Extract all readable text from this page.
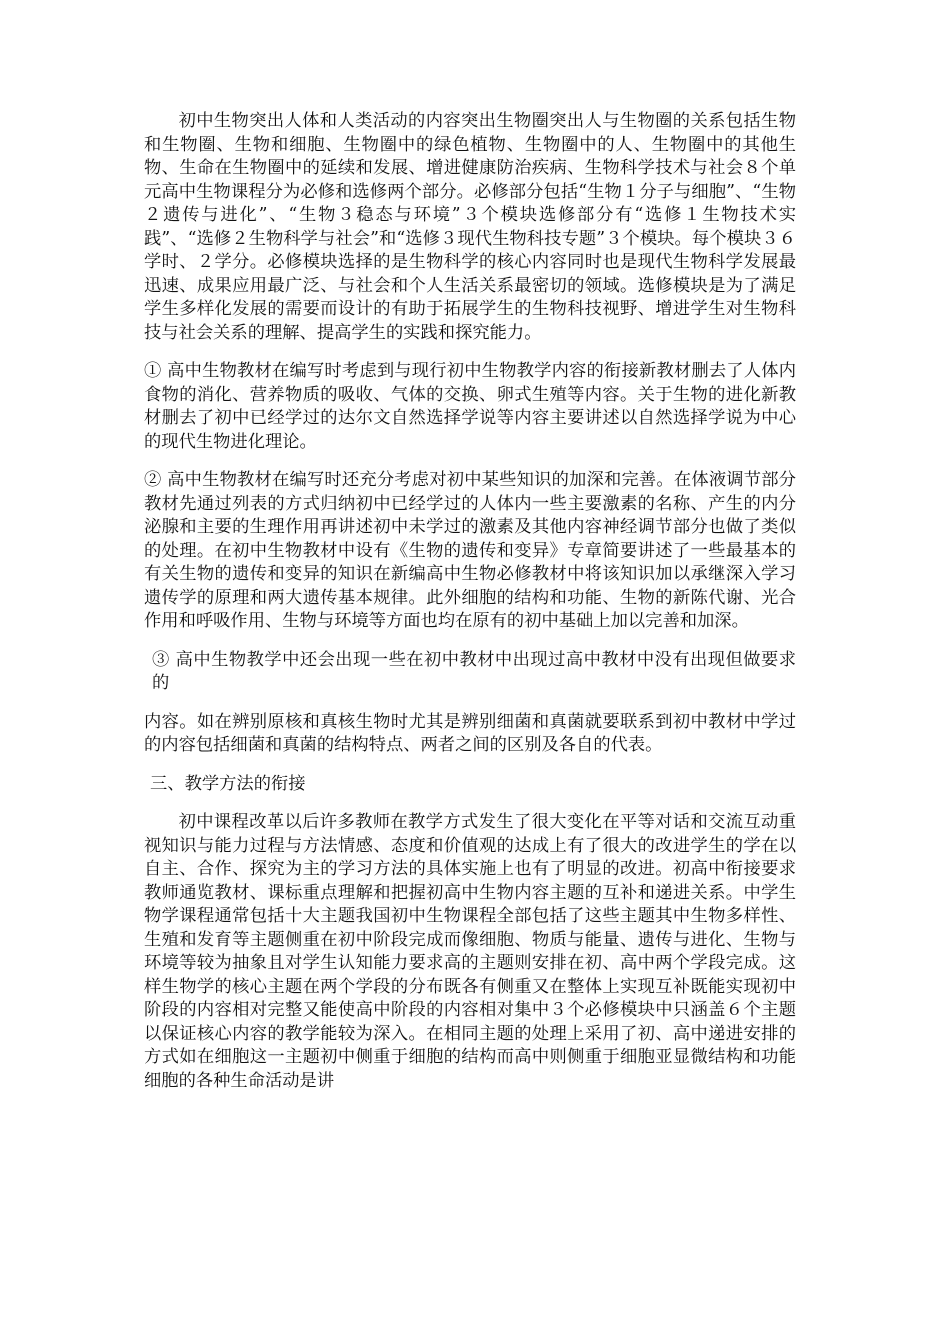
初中生物突出人体和人类活动的内容突出生物圈突出人与生物圈的关系包括生物和生物圈、生物和细胞、生物圈中的绿色植物、生物圈中的人、生物圈中的其他生物、生命在生物圈中的延续和发展、增进健康防治疾病、生物科学技术与社会８个单元高中生物课程分为必修和选修两个部分。必修部分包括“生物１分子与细胞”、“生物２遗传与进化”、“生物３稳态与环境”３个模块选修部分有“选修１生物技术实践”、“选修２生物科学与社会”和“选修３现代生物科技专题”３个模块。每个模块３６学时、２学分。必修模块选择的是生物科学的核心内容同时也是现代生物科学发展最迅速、成果应用最广泛、与社会和个人生活关系最密切的领域。选修模块是为了满足学生多样化发展的需要而设计的有助于拓展学生的生物科技视野、增进学生对生物科技与社会关系的理解、提高学生的实践和探究能力。

① 高中生物教材在编写时考虑到与现行初中生物教学内容的衔接新教材删去了人体内食物的消化、营养物质的吸收、气体的交换、卵式生殖等内容。关于生物的进化新教材删去了初中已经学过的达尔文自然选择学说等内容主要讲述以自然选择学说为中心的现代生物进化理论。

② 高中生物教材在编写时还充分考虑对初中某些知识的加深和完善。在体液调节部分教材先通过列表的方式归纳初中已经学过的人体内一些主要激素的名称、产生的内分泌腺和主要的生理作用再讲述初中未学过的激素及其他内容神经调节部分也做了类似的处理。在初中生物教材中设有《生物的遗传和变异》专章简要讲述了一些最基本的有关生物的遗传和变异的知识在新编高中生物必修教材中将该知识加以承继深入学习遗传学的原理和两大遗传基本规律。此外细胞的结构和功能、生物的新陈代谢、光合作用和呼吸作用、生物与环境等方面也均在原有的初中基础上加以完善和加深。

③ 高中生物教学中还会出现一些在初中教材中出现过高中教材中没有出现但做要求的

内容。如在辨别原核和真核生物时尤其是辨别细菌和真菌就要联系到初中教材中学过的内容包括细菌和真菌的结构特点、两者之间的区别及各自的代表。

三、教学方法的衔接

初中课程改革以后许多教师在教学方式发生了很大变化在平等对话和交流互动重视知识与能力过程与方法情感、态度和价值观的达成上有了很大的改进学生的学在以自主、合作、探究为主的学习方法的具体实施上也有了明显的改进。初高中衔接要求教师通览教材、课标重点理解和把握初高中生物内容主题的互补和递进关系。中学生物学课程通常包括十大主题我国初中生物课程全部包括了这些主题其中生物多样性、生殖和发育等主题侧重在初中阶段完成而像细胞、物质与能量、遗传与进化、生物与环境等较为抽象且对学生认知能力要求高的主题则安排在初、高中两个学段完成。这样生物学的核心主题在两个学段的分布既各有侧重又在整体上实现互补既能实现初中阶段的内容相对完整又能使高中阶段的内容相对集中３个必修模块中只涵盖６个主题以保证核心内容的教学能较为深入。在相同主题的处理上采用了初、高中递进安排的方式如在细胞这一主题初中侧重于细胞的结构而高中则侧重于细胞亚显微结构和功能细胞的各种生命活动是讲
